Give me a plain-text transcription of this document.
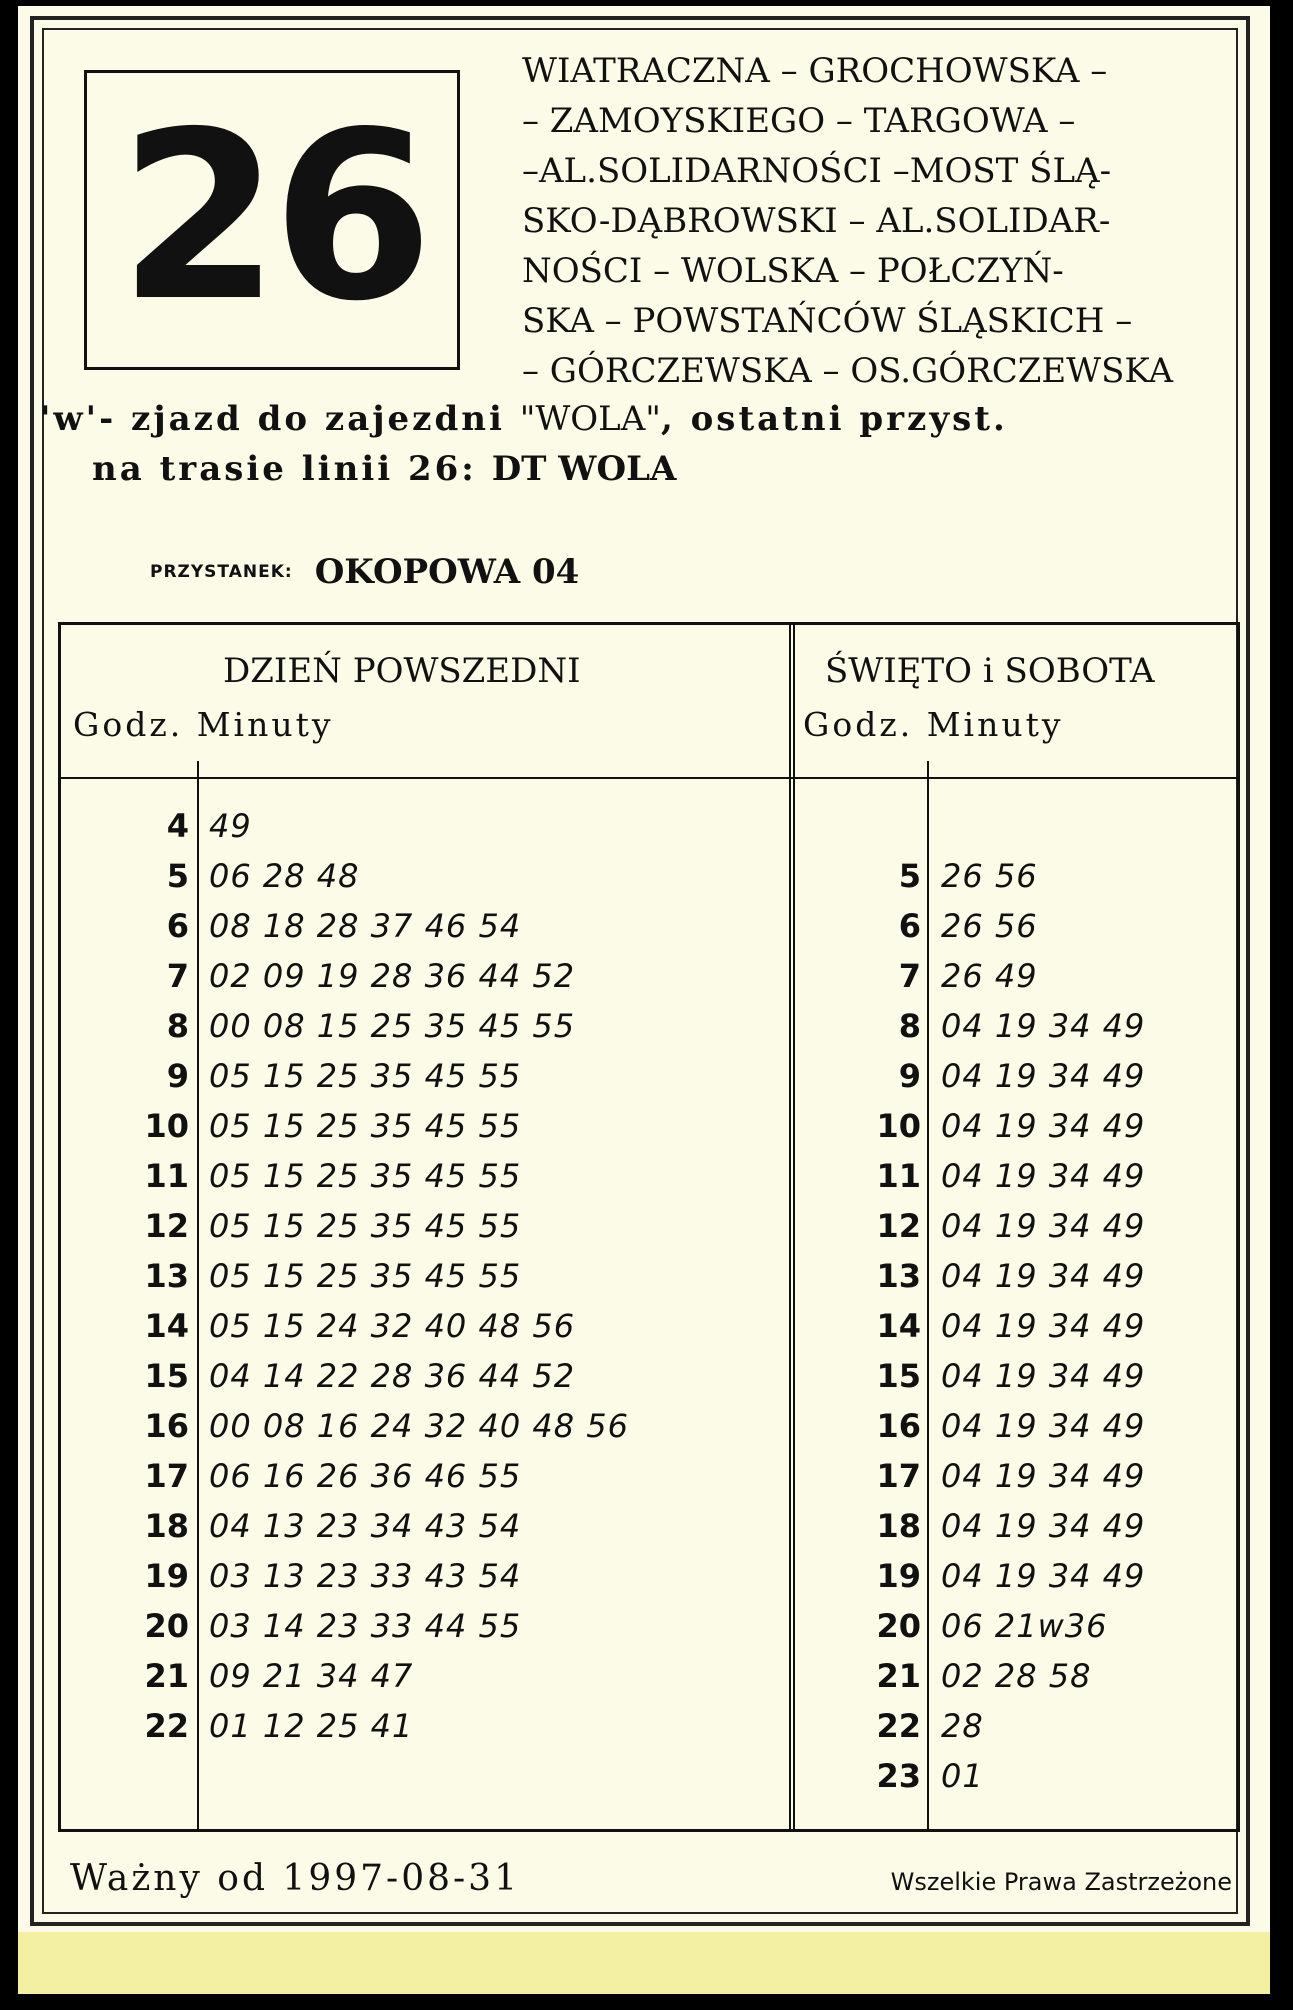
26
WIATRACZNA – GROCHOWSKA –
– ZAMOYSKIEGO – TARGOWA –
–AL.SOLIDARNOŚCI –MOST ŚLĄ-
SKO-DĄBROWSKI – AL.SOLIDAR-
NOŚCI – WOLSKA – POŁCZYŃ-
SKA – POWSTAŃCÓW ŚLĄSKICH –
– GÓRCZEWSKA – OS.GÓRCZEWSKA
'w'- zjazd do zajezdni "WOLA", ostatni przyst.
na trasie linii 26: DT WOLA
PRZYSTANEK: OKOPOWA 04
DZIEŃ POWSZEDNI
Godz. Minuty
ŚWIĘTO i SOBOTA
Godz. Minuty
4 49
5 06 28 48
6 08 18 28 37 46 54
7 02 09 19 28 36 44 52
8 00 08 15 25 35 45 55
9 05 15 25 35 45 55
10 05 15 25 35 45 55
11 05 15 25 35 45 55
12 05 15 25 35 45 55
13 05 15 25 35 45 55
14 05 15 24 32 40 48 56
15 04 14 22 28 36 44 52
16 00 08 16 24 32 40 48 56
17 06 16 26 36 46 55
18 04 13 23 34 43 54
19 03 13 23 33 43 54
20 03 14 23 33 44 55
21 09 21 34 47
22 01 12 25 41
5 26 56
6 26 56
7 26 49
8 04 19 34 49
9 04 19 34 49
10 04 19 34 49
11 04 19 34 49
12 04 19 34 49
13 04 19 34 49
14 04 19 34 49
15 04 19 34 49
16 04 19 34 49
17 04 19 34 49
18 04 19 34 49
19 04 19 34 49
20 06 21w36
21 02 28 58
22 28
23 01
Ważny od 1997-08-31	Wszelkie Prawa Zastrzeżone
